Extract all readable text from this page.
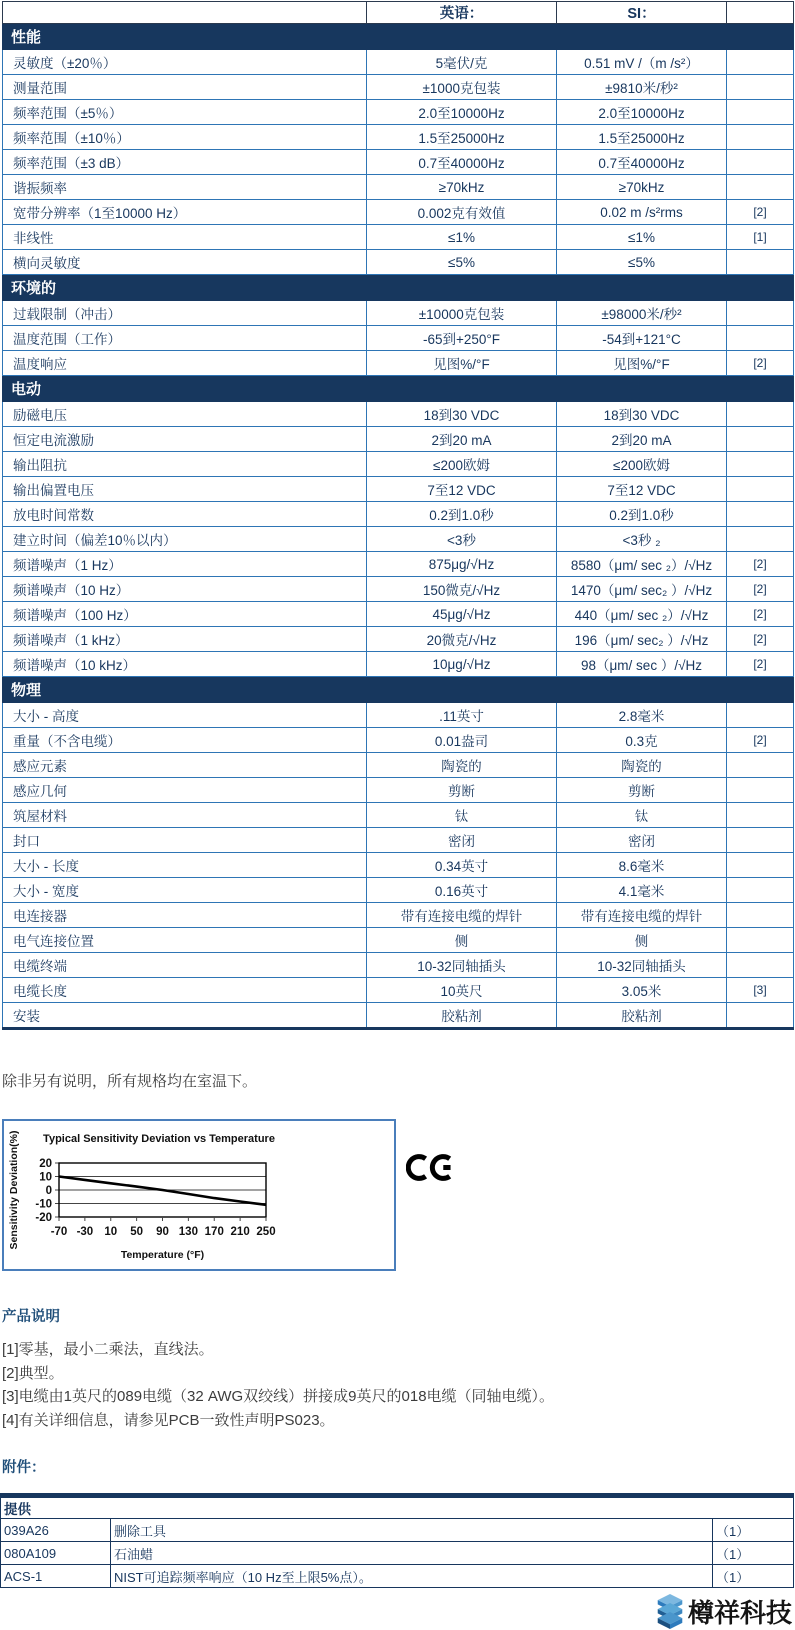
	英语：	SI：	
性能			
灵敏度（±20％）	5毫伏/克	0.51 mV /（m /s²）	
测量范围	±1000克包装	±9810米/秒²	
频率范围（±5％）	2.0至10000Hz	2.0至10000Hz	
频率范围（±10％）	1.5至25000Hz	1.5至25000Hz	
频率范围（±3 dB）	0.7至40000Hz	0.7至40000Hz	
谐振频率	≥70kHz	≥70kHz	
宽带分辨率（1至10000 Hz）	0.002克有效值	0.02 m /s²rms	[2]
非线性	≤1%	≤1%	[1]
横向灵敏度	≤5%	≤5%	
环境的			
过载限制（冲击）	±10000克包装	±98000米/秒²	
温度范围（工作）	-65到+250°F	-54到+121°C	
温度响应	见图%/°F	见图%/°F	[2]
电动			
励磁电压	18到30 VDC	18到30 VDC	
恒定电流激励	2到20 mA	2到20 mA	
输出阻抗	≤200欧姆	≤200欧姆	
输出偏置电压	7至12 VDC	7至12 VDC	
放电时间常数	0.2到1.0秒	0.2到1.0秒	
建立时间（偏差10％以内）	<3秒	<3秒 ₂	
频谱噪声（1 Hz）	875μg/√Hz	8580（μm/ sec ₂）/√Hz	[2]
频谱噪声（10 Hz）	150微克/√Hz	1470（μm/ sec₂ ）/√Hz	[2]
频谱噪声（100 Hz）	45μg/√Hz	440（μm/ sec ₂）/√Hz	[2]
频谱噪声（1 kHz）	20微克/√Hz	196（μm/ sec₂ ）/√Hz	[2]
频谱噪声（10 kHz）	10μg/√Hz	98（μm/ sec ）/√Hz	[2]
物理			
大小 - 高度	.11英寸	2.8毫米	
重量（不含电缆）	0.01盎司	0.3克	[2]
感应元素	陶瓷的	陶瓷的	
感应几何	剪断	剪断	
筑屋材料	钛	钛	
封口	密闭	密闭	
大小 - 长度	0.34英寸	8.6毫米	
大小 - 宽度	0.16英寸	4.1毫米	
电连接器	带有连接电缆的焊针	带有连接电缆的焊针	
电气连接位置	侧	侧	
电缆终端	10-32同轴插头	10-32同轴插头	
电缆长度	10英尺	3.05米	[3]
安装	胶粘剂	胶粘剂	

除非另有说明，所有规格均在室温下。

Typical Sensitivity Deviation vs Temperature
Sensitivity Deviation(%) 20
10
0
-10
-20
-70 -30 10 50 90 130 170 210 250
Temperature (°F)
产品说明

[1]零基，最小二乘法，直线法。

[2]典型。

[3]电缆由1英尺的089电缆（32 AWG双绞线）拼接成9英尺的018电缆（同轴电缆）。

[4]有关详细信息，请参见PCB一致性声明PS023。

附件：
提供		
039A26	删除工具	（1）
080A109	石油蜡	（1）
ACS-1	NIST可追踪频率响应（10 Hz至上限5%点）。	（1）
樽祥科技
